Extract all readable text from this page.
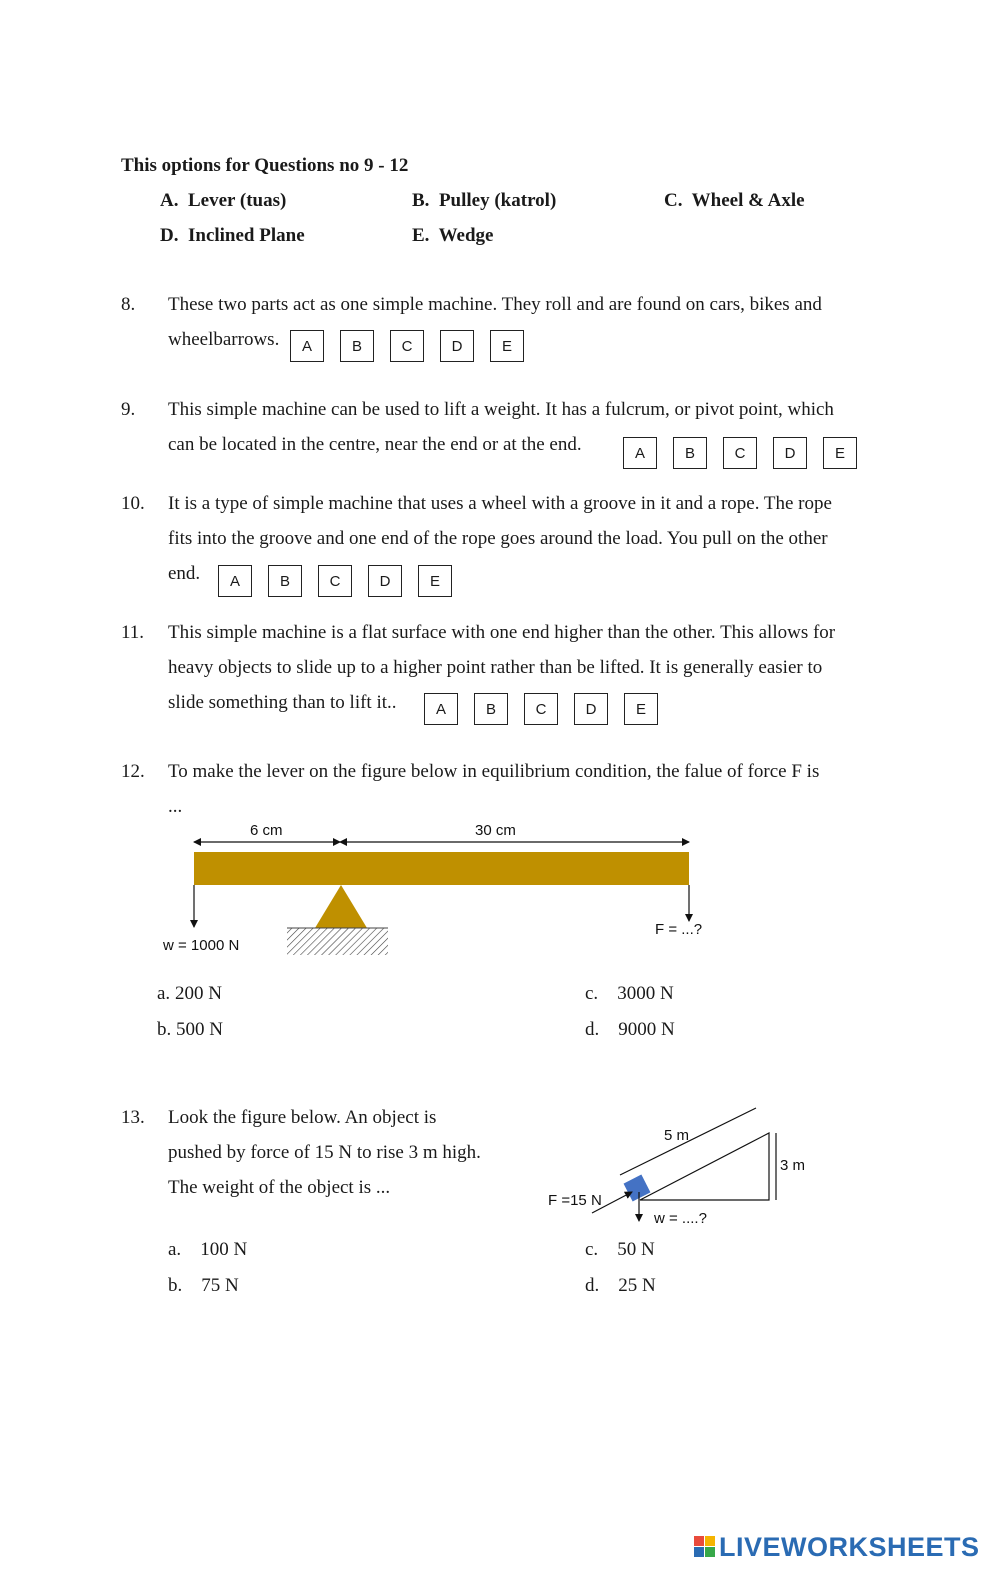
This options for Questions no 9 - 12
A. Lever (tuas)	B. Pulley (katrol)	C. Wheel & Axle
D. Inclined Plane	E. Wedge
8. These two parts act as one simple machine. They roll and are found on cars, bikes and
wheelbarrows.	A	B	C	D	E
9. This simple machine can be used to lift a weight. It has a fulcrum, or pivot point, which
can be located in the centre, near the end or at the end.	A	B	C	D	E
10. It is a type of simple machine that uses a wheel with a groove in it and a rope. The rope
fits into the groove and one end of the rope goes around the load. You pull on the other
end.	A	B	C	D	E
11. This simple machine is a flat surface with one end higher than the other. This allows for
heavy objects to slide up to a higher point rather than be lifted. It is generally easier to
slide something than to lift it..	A	B	C	D	E
12. To make the lever on the figure below in equilibrium condition, the falue of force F is
...
6 cm	30 cm
w = 1000 N
F = ...?
a. 200 N
b. 500 N
c. 3000 N
d. 9000 N
13. Look the figure below. An object is
pushed by force of 15 N to rise 3 m high.
The weight of the object is ...
5 m
3 m
F =15 N
w = ....?
a. 100 N
b. 75 N
c. 50 N
d. 25 N
LIVEWORKSHEETS
